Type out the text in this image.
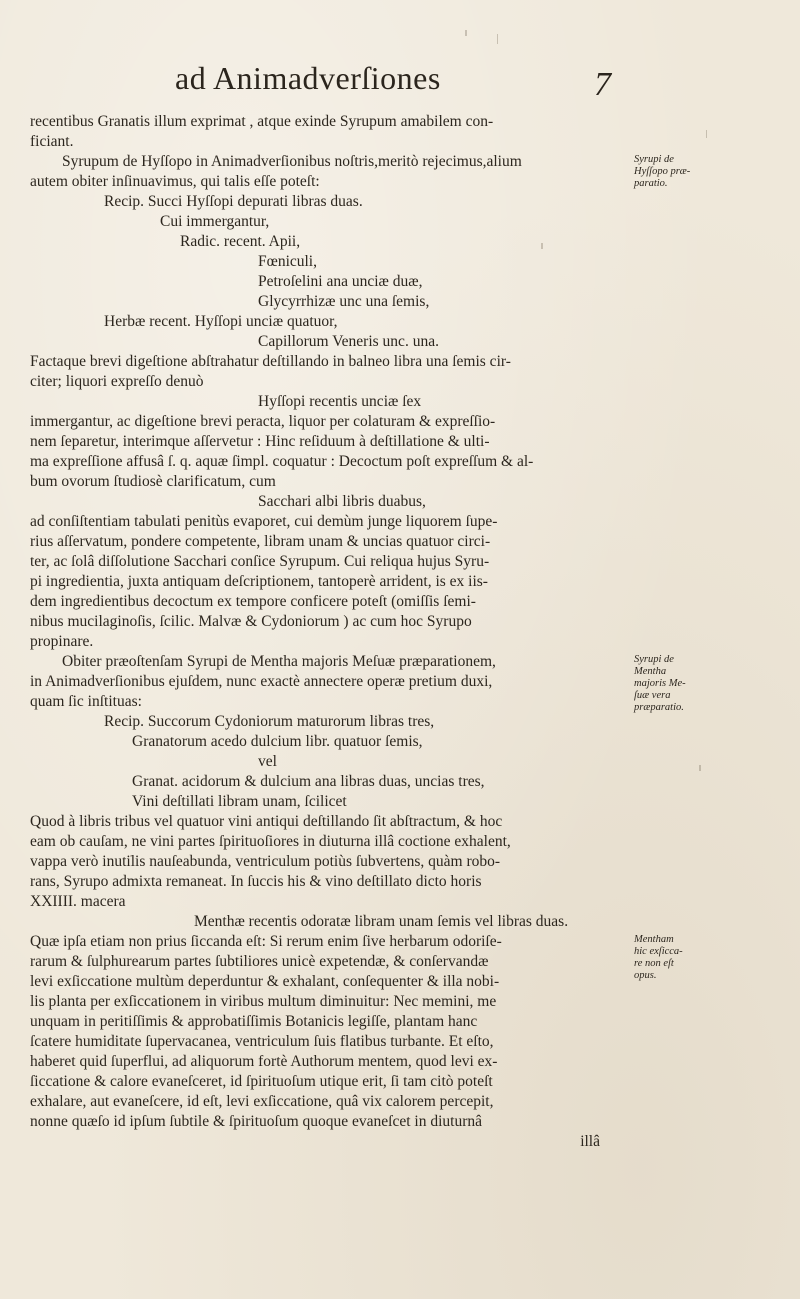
ad Animadverſiones	7
recentibus Granatis illum exprimat , atque exinde Syrupum amabilem con-
ficiant.
Syrupum de Hyſſopo in Animadverſionibus noſtris,meritò rejecimus,alium
autem obiter inſinuavimus, qui talis eſſe poteſt:
Recip. Succi Hyſſopi depurati libras duas.
Cui immergantur,
Radic. recent. Apii,
Fœniculi,
Petroſelini ana unciæ duæ,
Glycyrrhizæ unc una ſemis,
Herbæ recent. Hyſſopi unciæ quatuor,
Capillorum Veneris unc. una.
Factaque brevi digeſtione abſtrahatur deſtillando in balneo libra una ſemis cir-
citer; liquori expreſſo denuò
Hyſſopi recentis unciæ ſex
immergantur, ac digeſtione brevi peracta, liquor per colaturam & expreſſio-
nem ſeparetur, interimque aſſervetur : Hinc reſiduum à deſtillatione & ulti-
ma expreſſione affusâ ſ. q. aquæ ſimpl. coquatur : Decoctum poſt expreſſum & al-
bum ovorum ſtudiosè clarificatum, cum
Sacchari albi libris duabus,
ad conſiſtentiam tabulati penitùs evaporet, cui demùm junge liquorem ſupe-
rius aſſervatum, pondere competente, libram unam & uncias quatuor circi-
ter, ac ſolâ diſſolutione Sacchari conſice Syrupum. Cui reliqua hujus Syru-
pi ingredientia, juxta antiquam deſcriptionem, tantoperè arrident, is ex iis-
dem ingredientibus decoctum ex tempore conficere poteſt (omiſſis ſemi-
nibus mucilaginoſis, ſcilic. Malvæ & Cydoniorum ) ac cum hoc Syrupo
propinare.
Obiter præoſtenſam Syrupi de Mentha majoris Meſuæ præparationem,
in Animadverſionibus ejuſdem, nunc exactè annectere operæ pretium duxi,
quam ſic inſtituas:
Recip. Succorum Cydoniorum maturorum libras tres,
Granatorum acedo dulcium libr. quatuor ſemis,
vel
Granat. acidorum & dulcium ana libras duas, uncias tres,
Vini deſtillati libram unam, ſcilicet
Quod à libris tribus vel quatuor vini antiqui deſtillando ſit abſtractum, & hoc
eam ob cauſam, ne vini partes ſpirituoſiores in diuturna illâ coctione exhalent,
vappa verò inutilis nauſeabunda, ventriculum potiùs ſubvertens, quàm robo-
rans, Syrupo admixta remaneat. In ſuccis his & vino deſtillato dicto horis
XXIIII. macera
Menthæ recentis odoratæ libram unam ſemis vel libras duas.
Quæ ipſa etiam non prius ſiccanda eſt: Si rerum enim ſive herbarum odoriſe-
rarum & ſulphurearum partes ſubtiliores unicè expetendæ, & conſervandæ
levi exſiccatione multùm deperduntur & exhalant, conſequenter & illa nobi-
lis planta per exſiccationem in viribus multum diminuitur: Nec memini, me
unquam in peritiſſimis & approbatiſſimis Botanicis legiſſe, plantam hanc
ſcatere humiditate ſupervacanea, ventriculum ſuis flatibus turbante. Et eſto,
haberet quid ſuperflui, ad aliquorum fortè Authorum mentem, quod levi ex-
ſiccatione & calore evaneſceret, id ſpirituoſum utique erit, ſi tam citò poteſt
exhalare, aut evaneſcere, id eſt, levi exſiccatione, quâ vix calorem percepit,
nonne quæſo id ipſum ſubtile & ſpirituoſum quoque evaneſcet in diuturnâ
illâ
Syrupi de
Hyſſopo præ-
paratio.
Syrupi de
Mentha
majoris Me-
ſuæ vera
præparatio.
Mentham
hic exſicca-
re non eſt
opus.
